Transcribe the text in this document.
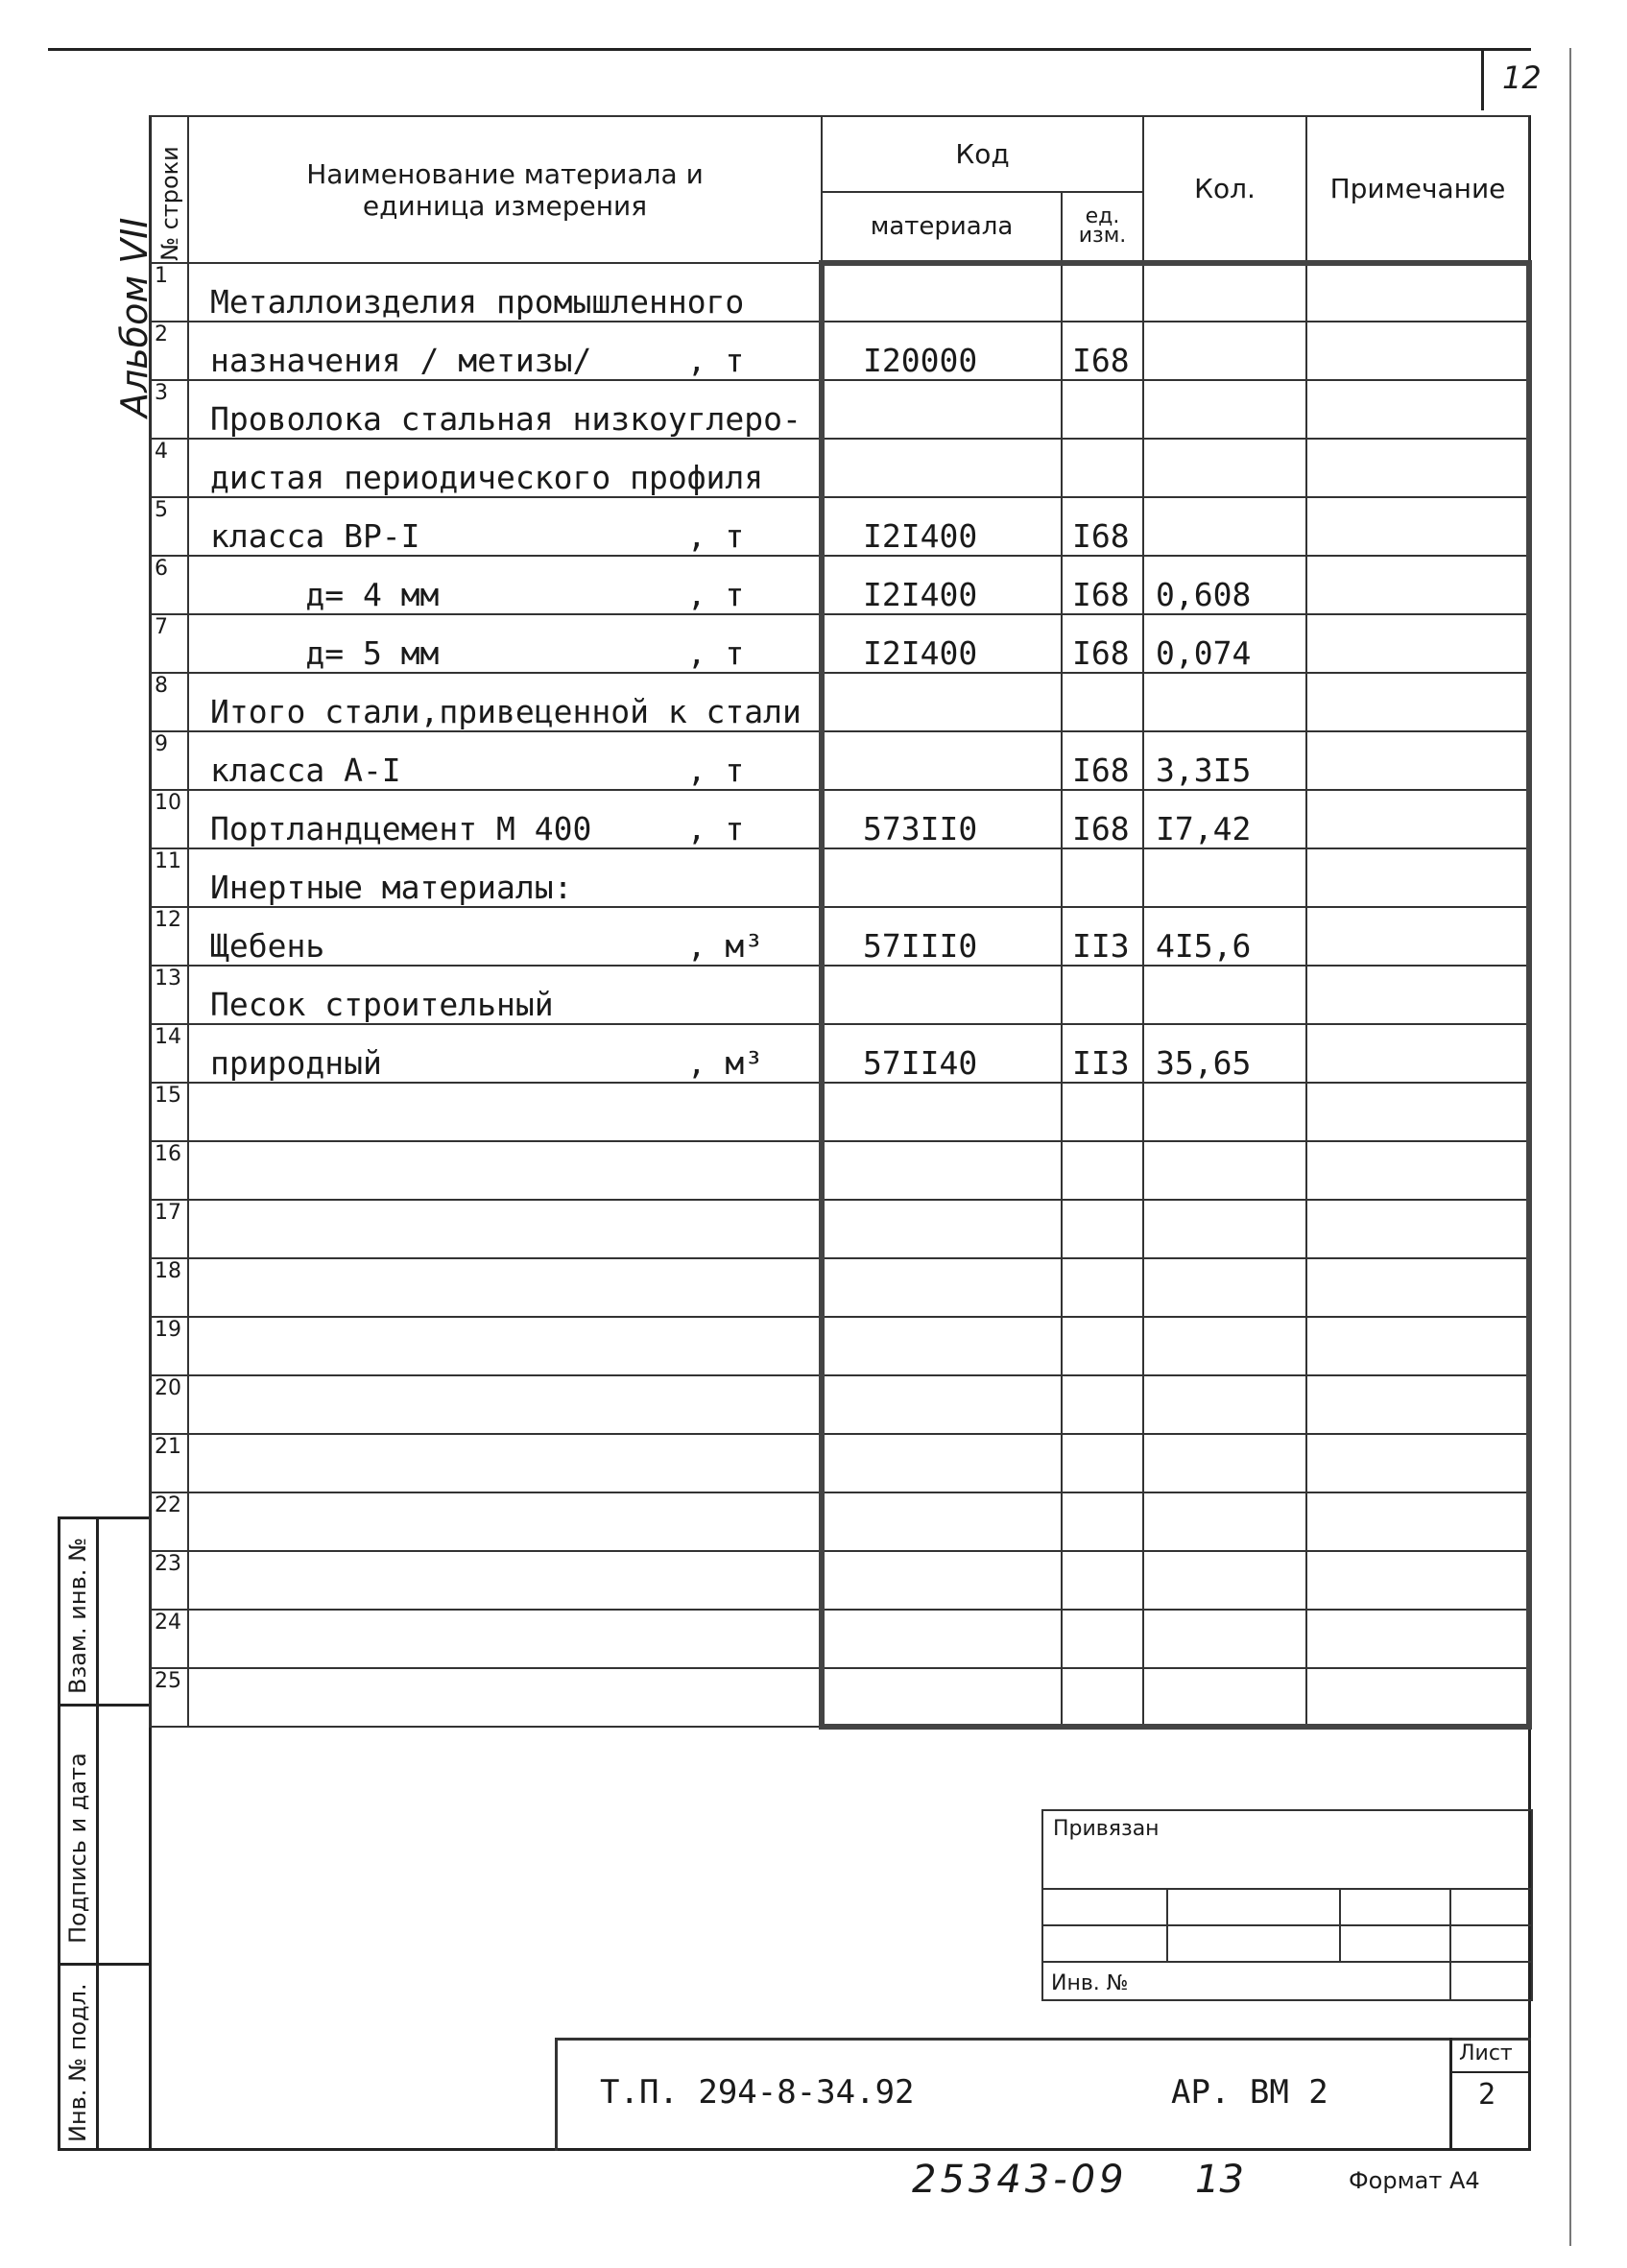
12
Альбом VII
№ строки	Наименование материала и единица измерения	Код		Кол.	Примечание
		материала	ед. изм.		
1	Металлоизделия промышленного				
2	назначения / метизы/     , т	I20000	I68		
3	Проволока стальная низкоуглеро-				
4	дистая периодического профиля				
5	класса ВР-I              , т	I2I400	I68		
6	д= 4 мм             , т	I2I400	I68	0,608	
7	д= 5 мм             , т	I2I400	I68	0,074	
8	Итого стали,привеценной к стали				
9	класса А-I               , т		I68	3,3I5	
10	Портландцемент М 400     , т	573II0	I68	I7,42	
11	Инертные материалы:				
12	Щебень                   , м³	57III0	II3	4I5,6	
13	Песок строительный				
14	природный                , м³	57II40	II3	35,65	
15					
16					
17					
18					
19					
20					
21					
22					
23					
24					
25					
Взам. инв. №
Подпись и дата
Инв. № подл.
Привязан			

Инв. №			
Т.П. 294-8-34.92	АР. ВМ 2
Лист
2
25343-09 13	Формат А4
